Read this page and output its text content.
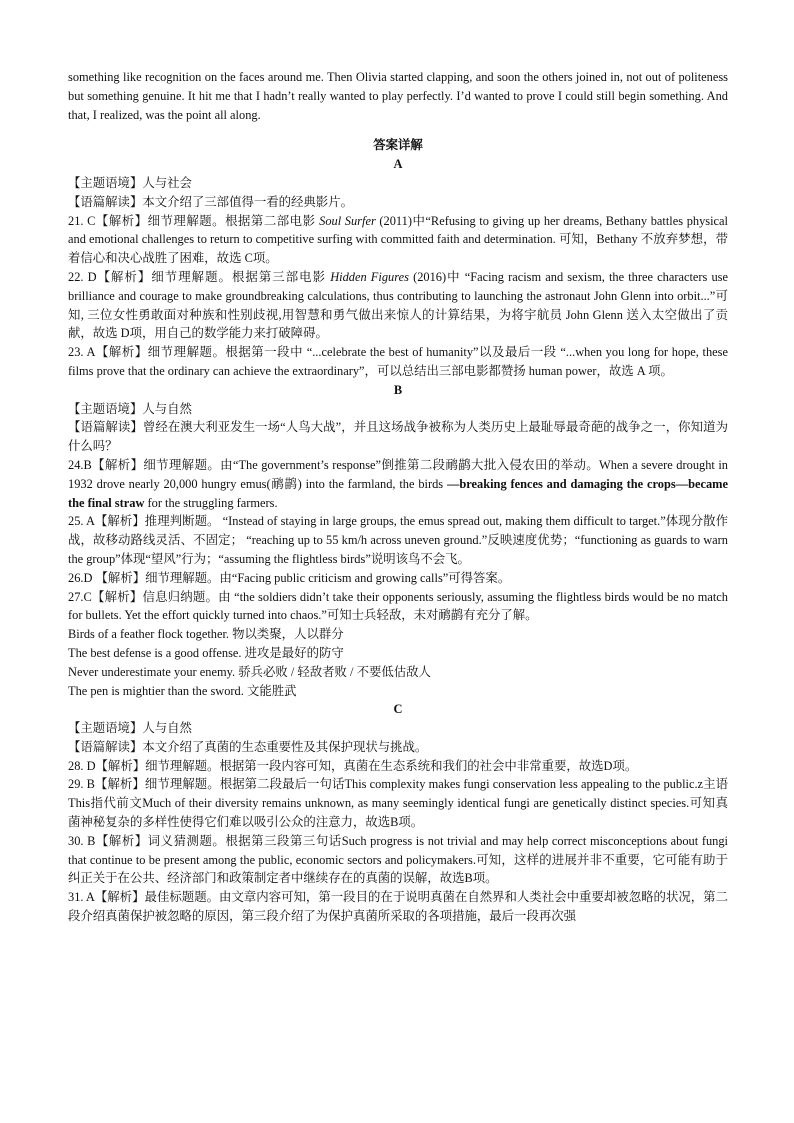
something like recognition on the faces around me. Then Olivia started clapping, and soon the others joined in, not out of politeness but something genuine. It hit me that I hadn’t really wanted to play perfectly. I’d wanted to prove I could still begin something. And that, I realized, was the point all along.

答案详解

A

【主题语境】人与社会

【语篇解读】本文介绍了三部值得一看的经典影片。

21. C【解析】细节理解题。根据第二部电影 Soul Surfer (2011)中“Refusing to giving up her dreams, Bethany battles physical and emotional challenges to return to competitive surfing with committed faith and determination. 可知，Bethany 不放弃梦想，带着信心和决心战胜了困难，故选 C项。

22. D【解析】细节理解题。根据第三部电影 Hidden Figures (2016)中 “Facing racism and sexism, the three characters use brilliance and courage to make groundbreaking calculations, thus contributing to launching the astronaut John Glenn into orbit...”可知, 三位女性勇敢面对种族和性别歧视,用智慧和勇气做出来惊人的计算结果，为将宇航员 John Glenn 送入太空做出了贡献，故选 D项，用自己的数学能力来打破障碍。

23. A【解析】细节理解题。根据第一段中 “...celebrate the best of humanity”以及最后一段 “...when you long for hope, these films prove that the ordinary can achieve the extraordinary”，可以总结出三部电影都赞扬 human power，故选 A 项。

B

【主题语境】人与自然

【语篇解读】曾经在澳大利亚发生一场“人鸟大战”，并且这场战争被称为人类历史上最耻辱最奇葩的战争之一，你知道为什么吗？

24.B【解析】细节理解题。由“The government’s response”倒推第二段鸸鹋大批入侵农田的举动。When a severe drought in 1932 drove nearly 20,000 hungry emus(鸸鹋) into the farmland, the birds —breaking fences and damaging the crops—became the final straw for the struggling farmers.

25. A【解析】推理判断题。 “Instead of staying in large groups, the emus spread out, making them difficult to target.”体现分散作战，故移动路线灵活、不固定； “reaching up to 55 km/h across uneven ground.”反映速度优势；“functioning as guards to warn the group”体现“望风”行为；“assuming the flightless birds”说明该鸟不会飞。

26.D 【解析】细节理解题。由“Facing public criticism and growing calls”可得答案。

27.C【解析】信息归纳题。由 “the soldiers didn’t take their opponents seriously, assuming the flightless birds would be no match for bullets. Yet the effort quickly turned into chaos.”可知士兵轻敌，未对鸸鹋有充分了解。

Birds of a feather flock together. 物以类聚，人以群分

The best defense is a good offense. 进攻是最好的防守

Never underestimate your enemy. 骄兵必败 / 轻敌者败 / 不要低估敌人

The pen is mightier than the sword. 文能胜武

C

【主题语境】人与自然

【语篇解读】本文介绍了真菌的生态重要性及其保护现状与挑战。

28. D【解析】细节理解题。根据第一段内容可知，真菌在生态系统和我们的社会中非常重要，故选D项。

29. B【解析】细节理解题。根据第二段最后一句话This complexity makes fungi conservation less appealing to the public.z主语 This指代前文Much of their diversity remains unknown, as many seemingly identical fungi are genetically distinct species.可知真菌神秘复杂的多样性使得它们难以吸引公众的注意力，故选B项。

30. B【解析】词义猜测题。根据第三段第三句话Such progress is not trivial and may help correct misconceptions about fungi that continue to be present among the public, economic sectors and policymakers.可知，这样的进展并非不重要，它可能有助于纠正关于在公共、经济部门和政策制定者中继续存在的真菌的误解，故选B项。

31. A【解析】最佳标题题。由文章内容可知，第一段目的在于说明真菌在自然界和人类社会中重要却被忽略的状况，第二段介绍真菌保护被忽略的原因，第三段介绍了为保护真菌所采取的各项措施，最后一段再次强
